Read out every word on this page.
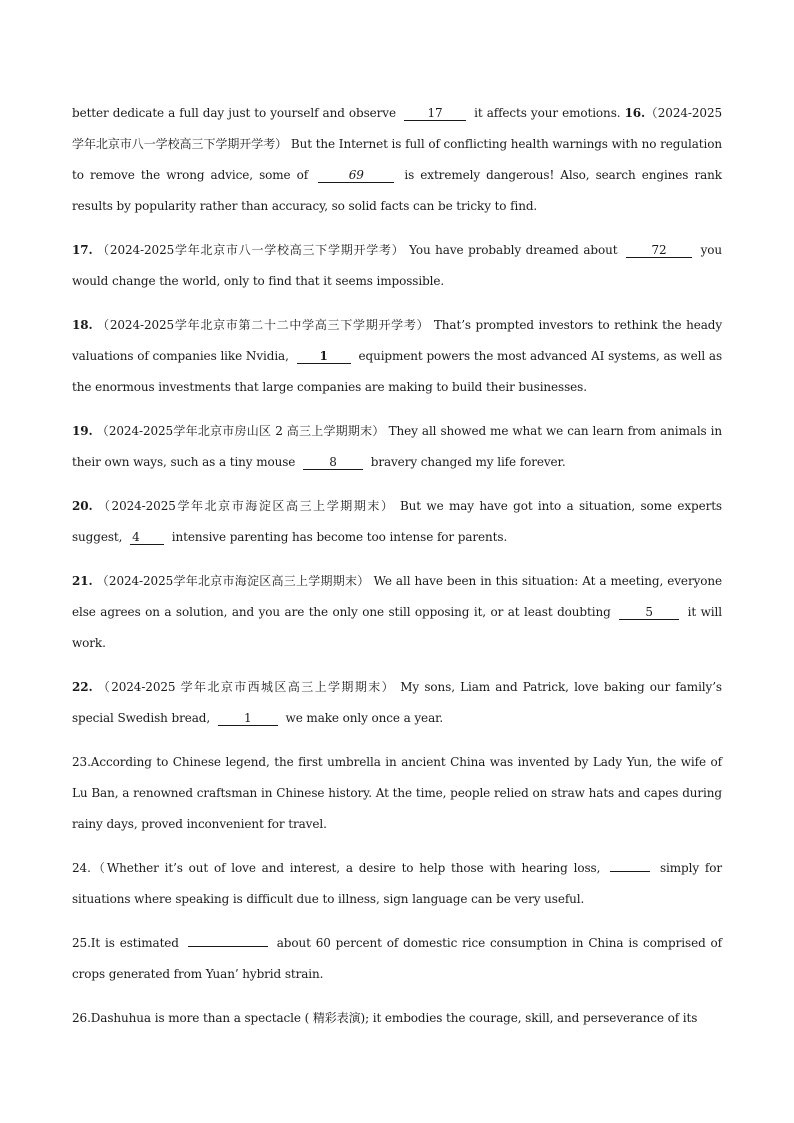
better dedicate a full day just to yourself and observe	17	it affects your emotions. 16.（2024-2025学年北京市八一学校高三下学期开学考） But the Internet is full of conflicting health warnings with no regulation to remove the wrong advice, some of	69	is extremely dangerous! Also, search engines rank results by popularity rather than accuracy, so solid facts can be tricky to find.

17. （2024-2025学年北京市八一学校高三下学期开学考） You have probably dreamed about	72	you would change the world, only to find that it seems impossible.

18. （2024-2025学年北京市第二十二中学高三下学期开学考） That’s prompted investors to rethink the heady valuations of companies like Nvidia,	1	equipment powers the most advanced AI systems, as well as the enormous investments that large companies are making to build their businesses.

19. （2024-2025学年北京市房山区 2 高三上学期期末） They all showed me what we can learn from animals in their own ways, such as a tiny mouse	8	bravery changed my life forever.

20. （2024-2025学年北京市海淀区高三上学期期末） But we may have got into a situation, some experts suggest, 4	intensive parenting has become too intense for parents.

21. （2024-2025学年北京市海淀区高三上学期期末） We all have been in this situation: At a meeting, everyone else agrees on a solution, and you are the only one still opposing it, or at least doubting	5	it will work.

22. （2024-2025 学年北京市西城区高三上学期期末） My sons, Liam and Patrick, love baking our family’s special Swedish bread,	1	we make only once a year.

23.According to Chinese legend, the first umbrella in ancient China was invented by Lady Yun, the wife of Lu Ban, a renowned craftsman in Chinese history. At the time, people relied on straw hats and capes during rainy days, proved inconvenient for travel.

24.（Whether it’s out of love and interest, a desire to help those with hearing loss,	simply for situations where speaking is difficult due to illness, sign language can be very useful.

25.It is estimated	about 60 percent of domestic rice consumption in China is comprised of crops generated from Yuan’ hybrid strain.

26.Dashuhua is more than a spectacle ( 精彩表演); it embodies the courage, skill, and perseverance of its
